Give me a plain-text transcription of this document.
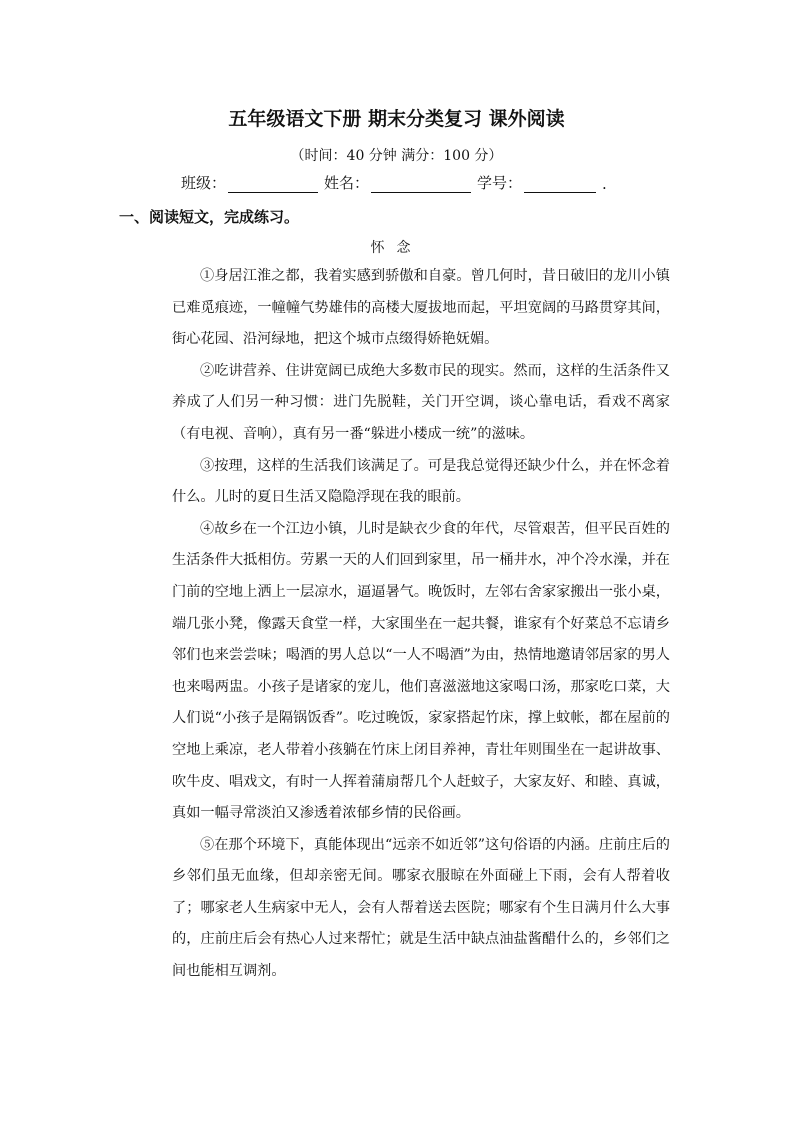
五年级语文下册 期末分类复习 课外阅读
（时间：40 分钟 满分：100 分）
班级：	姓名：	学号：	.
一、阅读短文，完成练习。
怀念

①身居江淮之都，我着实感到骄傲和自豪。曾几何时，昔日破旧的龙川小镇已难觅痕迹，一幢幢气势雄伟的高楼大厦拔地而起，平坦宽阔的马路贯穿其间，街心花园、沿河绿地，把这个城市点缀得娇艳妩媚。

②吃讲营养、住讲宽阔已成绝大多数市民的现实。然而，这样的生活条件又养成了人们另一种习惯：进门先脱鞋，关门开空调，谈心靠电话，看戏不离家（有电视、音响），真有另一番“躲进小楼成一统”的滋味。

③按理，这样的生活我们该满足了。可是我总觉得还缺少什么，并在怀念着什么。儿时的夏日生活又隐隐浮现在我的眼前。

④故乡在一个江边小镇，儿时是缺衣少食的年代，尽管艰苦，但平民百姓的生活条件大抵相仿。劳累一天的人们回到家里，吊一桶井水，冲个冷水澡，并在门前的空地上洒上一层凉水，逼逼暑气。晚饭时，左邻右舍家家搬出一张小桌，端几张小凳，像露天食堂一样，大家围坐在一起共餐，谁家有个好菜总不忘请乡邻们也来尝尝味；喝酒的男人总以“一人不喝酒”为由，热情地邀请邻居家的男人也来喝两盅。小孩子是诸家的宠儿，他们喜滋滋地这家喝口汤，那家吃口菜，大人们说“小孩子是隔锅饭香”。吃过晚饭，家家搭起竹床，撑上蚊帐，都在屋前的空地上乘凉，老人带着小孩躺在竹床上闭目养神，青壮年则围坐在一起讲故事、吹牛皮、唱戏文，有时一人挥着蒲扇帮几个人赶蚊子，大家友好、和睦、真诚，真如一幅寻常淡泊又渗透着浓郁乡情的民俗画。

⑤在那个环境下，真能体现出“远亲不如近邻”这句俗语的内涵。庄前庄后的乡邻们虽无血缘，但却亲密无间。哪家衣服晾在外面碰上下雨，会有人帮着收了；哪家老人生病家中无人，会有人帮着送去医院；哪家有个生日满月什么大事的，庄前庄后会有热心人过来帮忙；就是生活中缺点油盐酱醋什么的，乡邻们之间也能相互调剂。
